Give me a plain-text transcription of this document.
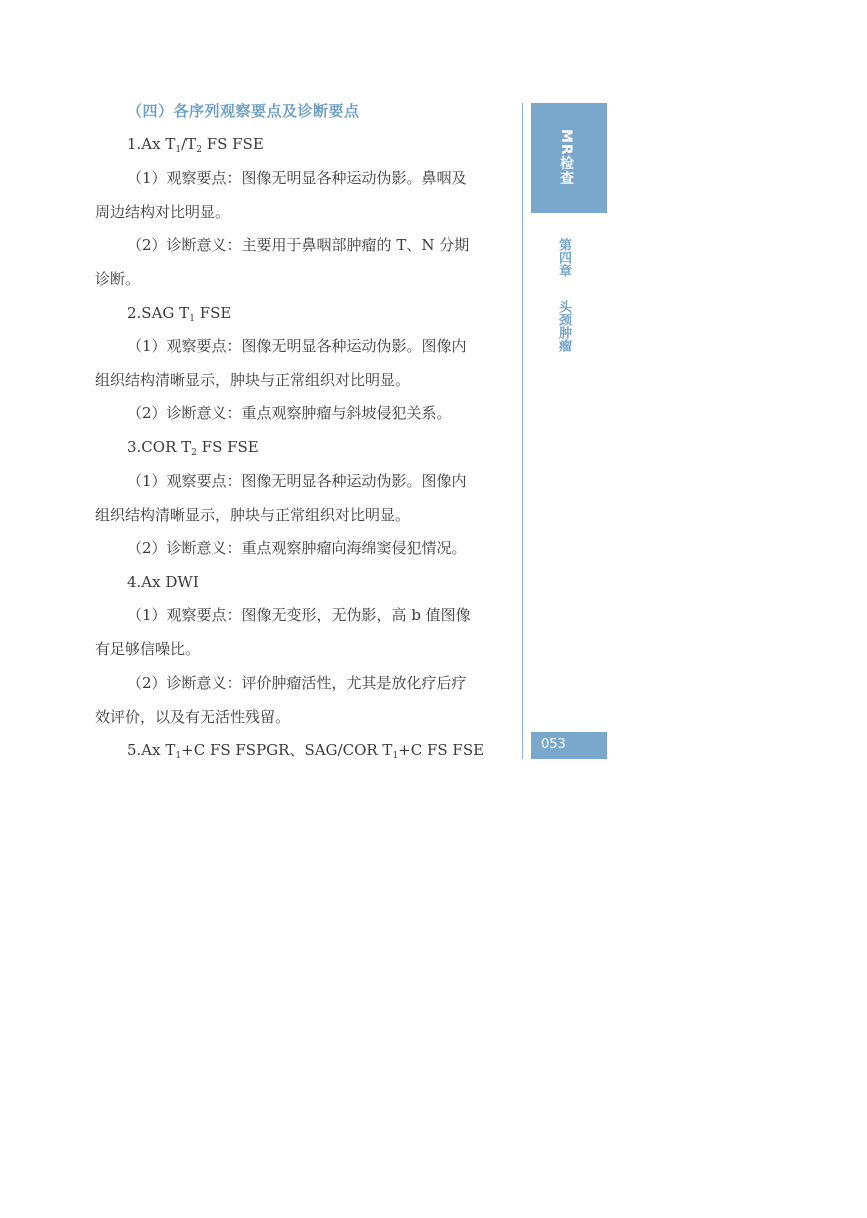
（四）各序列观察要点及诊断要点
1.Ax $T_1/T_2$ FS FSE
（1）观察要点：图像无明显各种运动伪影。鼻咽及
周边结构对比明显。
（2）诊断意义：主要用于鼻咽部肿瘤的 T、N 分期
诊断。
2.SAG $T_1$ FSE
（1）观察要点：图像无明显各种运动伪影。图像内
组织结构清晰显示，肿块与正常组织对比明显。
（2）诊断意义：重点观察肿瘤与斜坡侵犯关系。
3.COR $T_2$ FS FSE
（1）观察要点：图像无明显各种运动伪影。图像内
组织结构清晰显示，肿块与正常组织对比明显。
（2）诊断意义：重点观察肿瘤向海绵窦侵犯情况。
4.Ax DWI
（1）观察要点：图像无变形，无伪影，高 b 值图像
有足够信噪比。
（2）诊断意义：评价肿瘤活性，尤其是放化疗后疗
效评价，以及有无活性残留。
5.Ax $T_1+C$ FS FSPGR、SAG/COR $T_1+C$ FS FSE
MR检查
第四章  头颈肿瘤
053
